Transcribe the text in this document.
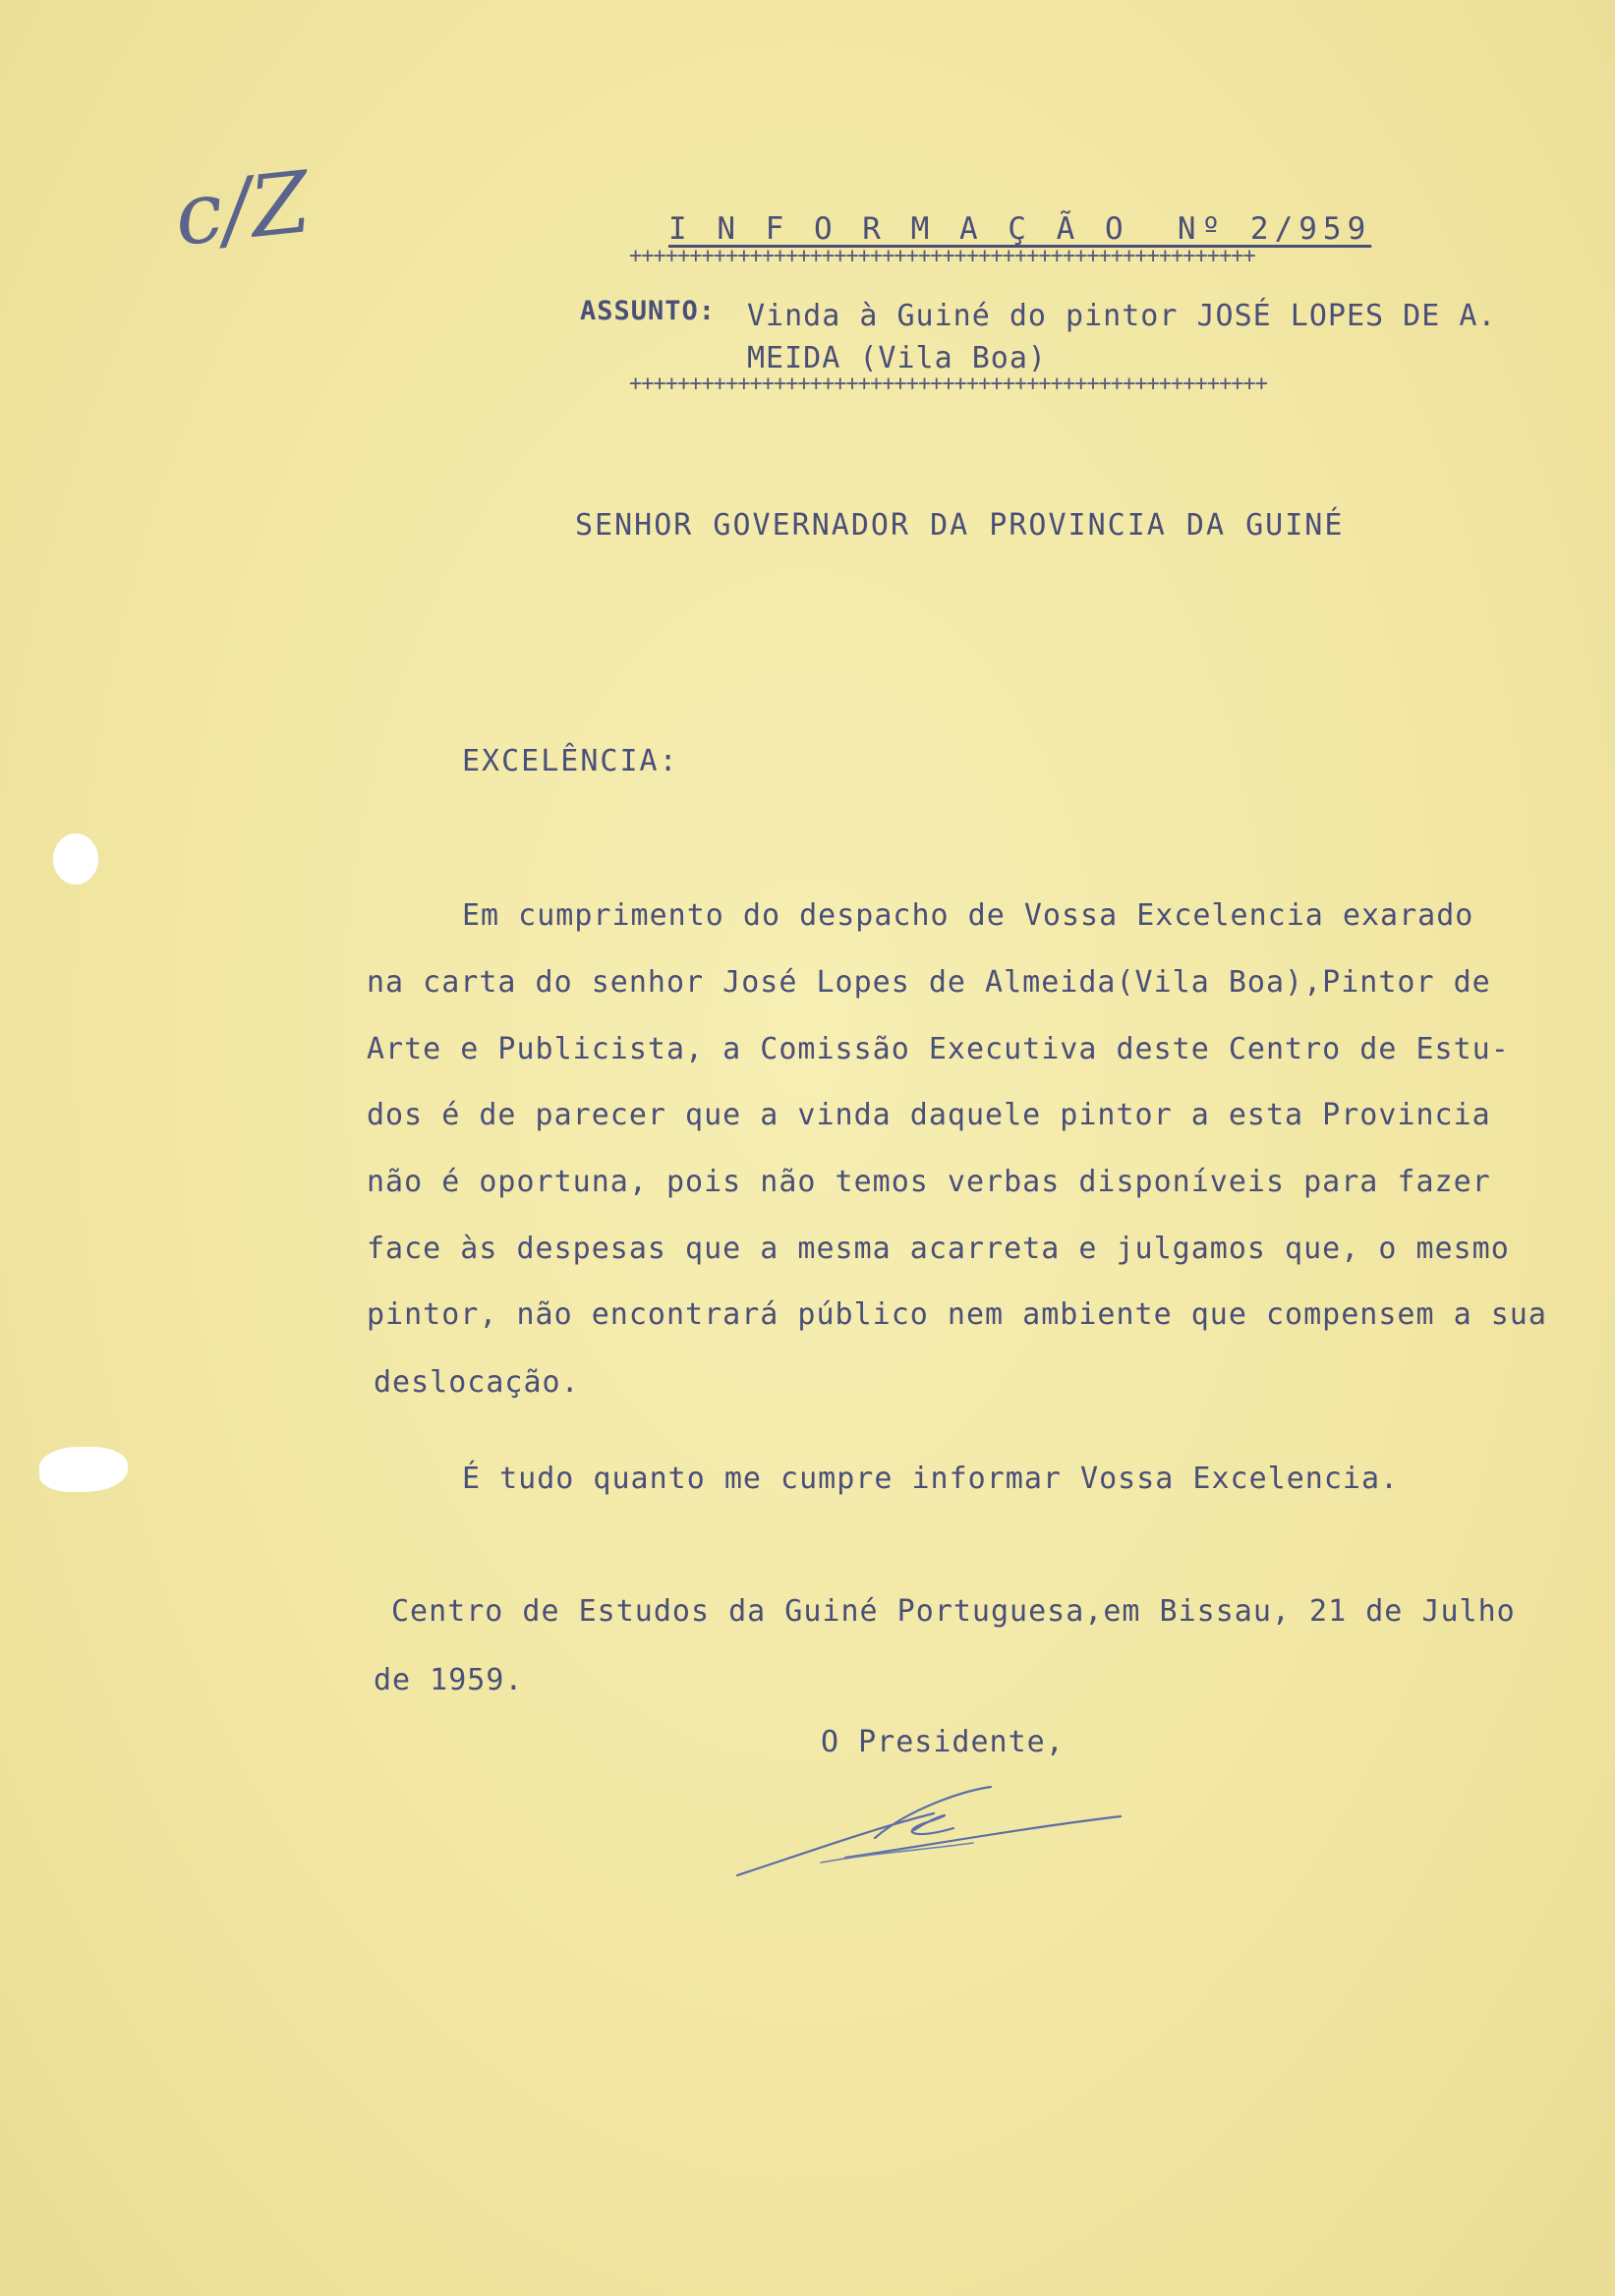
c/Z	I N F O R M A Ç Ã O  Nº 2/959
++++++++++++++++++++++++++++++++++++++++++++++++++++
ASSUNTO: Vinda à Guiné do pintor JOSÉ LOPES DE A.
MEIDA (Vila Boa)
+++++++++++++++++++++++++++++++++++++++++++++++++++++
SENHOR GOVERNADOR DA PROVINCIA DA GUINÉ
EXCELÊNCIA:
Em cumprimento do despacho de Vossa Excelencia exarado
na carta do senhor José Lopes de Almeida(Vila Boa),Pintor de
Arte e Publicista, a Comissão Executiva deste Centro de Estu-
dos é de parecer que a vinda daquele pintor a esta Provincia
não é oportuna, pois não temos verbas disponíveis para fazer
face às despesas que a mesma acarreta e julgamos que, o mesmo
pintor, não encontrará público nem ambiente que compensem a sua
deslocação.
É tudo quanto me cumpre informar Vossa Excelencia.
Centro de Estudos da Guiné Portuguesa,em Bissau, 21 de Julho
de 1959.
O Presidente,
